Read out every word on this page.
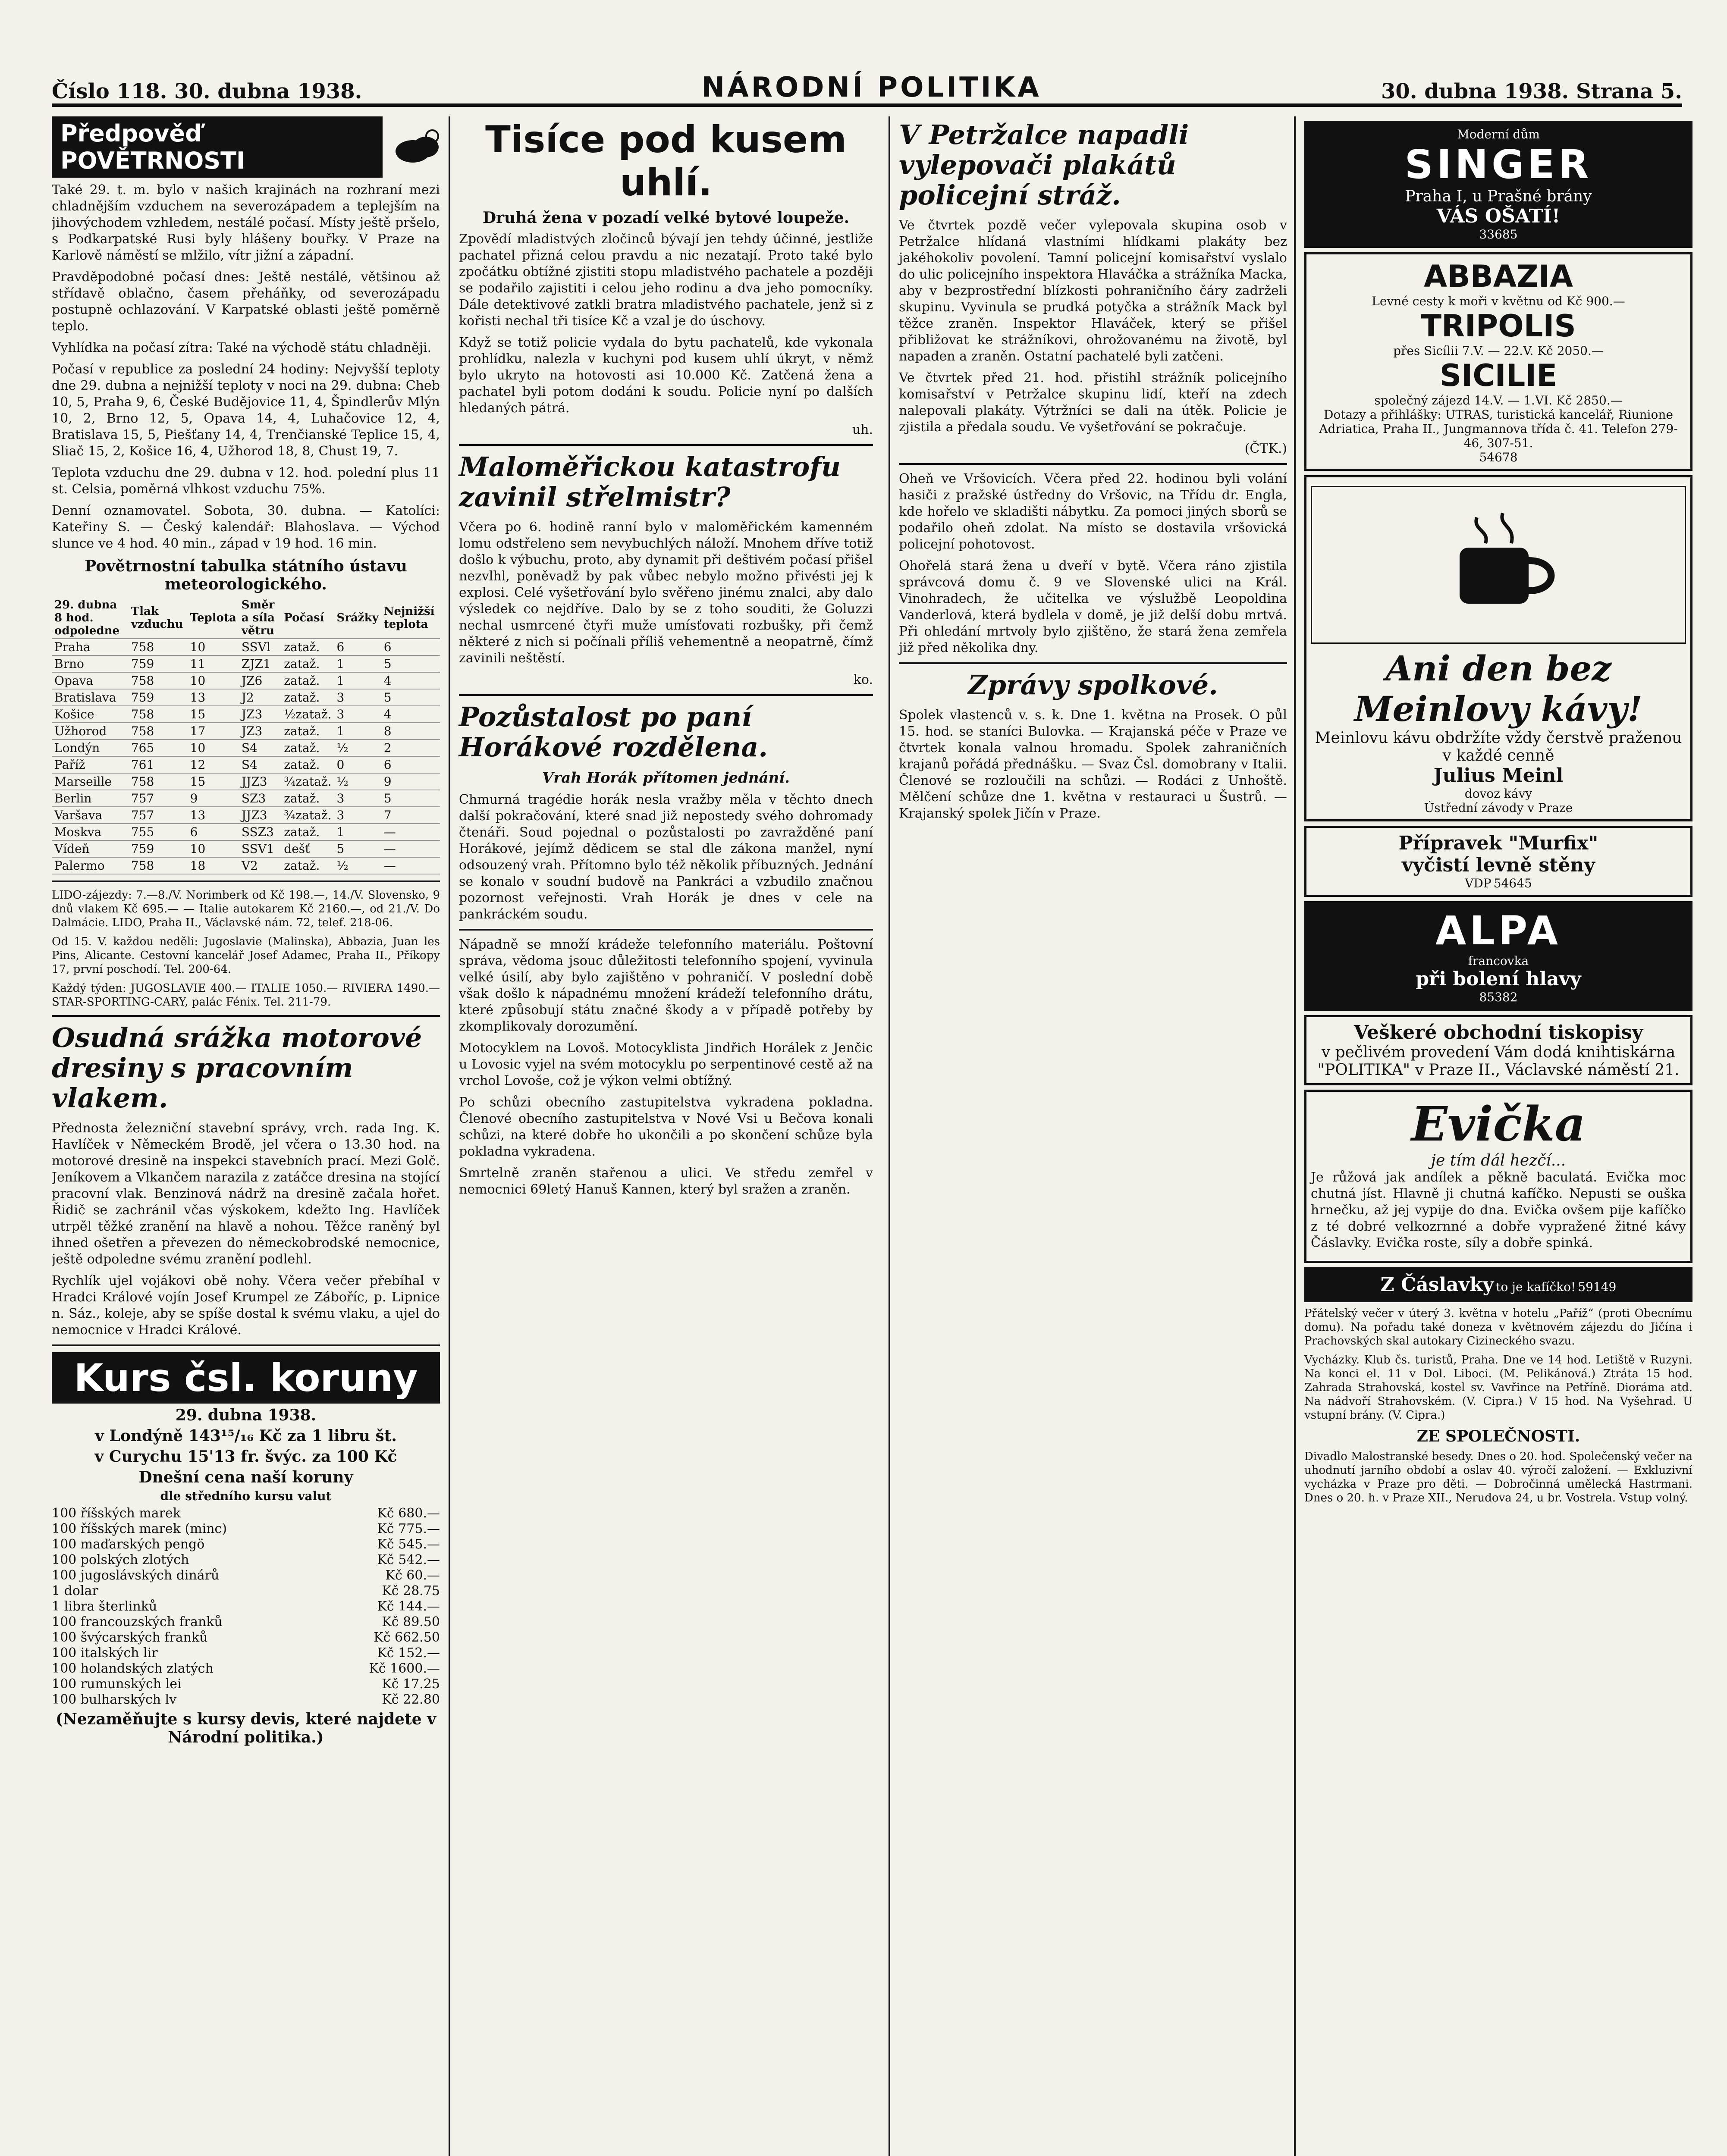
Číslo 118. 30. dubna 1938.	NÁRODNÍ POLITIKA	30. dubna 1938. Strana 5.
Předpověď POVĚTRNOSTI

Také 29. t. m. bylo v našich krajinách na rozhraní mezi chladnějším vzduchem na severozápadem a teplejším na jihovýchodem vzhledem, nestálé počasí. Místy ještě pršelo, s Podkarpatské Rusi byly hlášeny bouřky. V Praze na Karlově náměstí se mlžilo, vítr jižní a západní.

Pravděpodobné počasí dnes: Ještě nestálé, většinou až střídavě oblačno, časem přeháňky, od severozápadu postupně ochlazování. V Karpatské oblasti ještě poměrně teplo.

Vyhlídka na počasí zítra: Také na východě státu chladněji.

Počasí v republice za poslední 24 hodiny: Nejvyšší teploty dne 29. dubna a nejnižší teploty v noci na 29. dubna: Cheb 10, 5, Praha 9, 6, České Budějovice 11, 4, Špindlerův Mlýn 10, 2, Brno 12, 5, Opava 14, 4, Luhačovice 12, 4, Bratislava 15, 5, Piešťany 14, 4, Trenčianské Teplice 15, 4, Sliač 15, 2, Košice 16, 4, Užhorod 18, 8, Chust 19, 7.

Teplota vzduchu dne 29. dubna v 12. hod. polední plus 11 st. Celsia, poměrná vlhkost vzduchu 75%.

Denní oznamovatel. Sobota, 30. dubna. — Katolíci: Kateřiny S. — Český kalendář: Blahoslava. — Východ slunce ve 4 hod. 40 min., západ v 19 hod. 16 min.

Povětrnostní tabulka státního ústavu meteorologického.
29. dubna 8 hod. odpoledne	Tlak vzduchu	Teplota	Směr a síla větru	Počasí	Srážky	Nejnižší teplota
Praha	758	10	SSVl	zataž.	6	6
Brno	759	11	ZJZ1	zataž.	1	5
Opava	758	10	JZ6	zataž.	1	4
Bratislava	759	13	J2	zataž.	3	5
Košice	758	15	JZ3	½zataž.	3	4
Užhorod	758	17	JZ3	zataž.	1	8
Londýn	765	10	S4	zataž.	½	2
Paříž	761	12	S4	zataž.	0	6
Marseille	758	15	JJZ3	¾zataž.	½	9
Berlin	757	9	SZ3	zataž.	3	5
Varšava	757	13	JJZ3	¾zataž.	3	7
Moskva	755	6	SSZ3	zataž.	1	—
Vídeň	759	10	SSV1	dešť	5	—
Palermo	758	18	V2	zataž.	½	—

LIDO-zájezdy: 7.—8./V. Norimberk od Kč 198.—, 14./V. Slovensko, 9 dnů vlakem Kč 695.— — Italie autokarem Kč 2160.—, od 21./V. Do Dalmácie. LIDO, Praha II., Václavské nám. 72, telef. 218-06.

Od 15. V. každou neděli: Jugoslavie (Malinska), Abbazia, Juan les Pins, Alicante. Cestovní kancelář Josef Adamec, Praha II., Příkopy 17, první poschodí. Tel. 200-64.

Každý týden: JUGOSLAVIE 400.— ITALIE 1050.— RIVIERA 1490.— STAR-SPORTING-CARY, palác Fénix. Tel. 211-79.

Osudná srážka motorové dresiny s pracovním vlakem.

Přednosta železniční stavební správy, vrch. rada Ing. K. Havlíček v Německém Brodě, jel včera o 13.30 hod. na motorové dresině na inspekci stavebních prací. Mezi Golč. Jeníkovem a Vlkančem narazila z zatáčce dresina na stojící pracovní vlak. Benzinová nádrž na dresině začala hořet. Řidič se zachránil včas výskokem, kdežto Ing. Havlíček utrpěl těžké zranění na hlavě a nohou. Těžce raněný byl ihned ošetřen a převezen do německobrodské nemocnice, ještě odpoledne svému zranění podlehl.

Rychlík ujel vojákovi obě nohy. Včera večer přebíhal v Hradci Králové vojín Josef Krumpel ze Záboříc, p. Lipnice n. Sáz., koleje, aby se spíše dostal k svému vlaku, a ujel do nemocnice v Hradci Králové.

Kurs čsl. koruny
29. dubna 1938.
v Londýně 143¹⁵/₁₆ Kč za 1 libru št.
v Curychu 15'13 fr. švýc. za 100 Kč
Dnešní cena naší koruny
dle středního kursu valut
100 říšských marek	Kč 680.—
100 říšských marek (minc)	Kč 775.—
100 maďarských pengö	Kč 545.—
100 polských zlotých	Kč 542.—
100 jugoslávských dinárů	Kč 60.—
1 dolar	Kč 28.75
1 libra šterlinků	Kč 144.—
100 francouzských franků	Kč 89.50
100 švýcarských franků	Kč 662.50
100 italských lir	Kč 152.—
100 holandských zlatých	Kč 1600.—
100 rumunských lei	Kč 17.25
100 bulharských lv	Kč 22.80
(Nezaměňujte s kursy devis, které najdete v Národní politika.)
Tisíce pod kusem uhlí.
Druhá žena v pozadí velké bytové loupeže.

Zpovědí mladistvých zločinců bývají jen tehdy účinné, jestliže pachatel přizná celou pravdu a nic nezatají. Proto také bylo zpočátku obtížné zjistiti stopu mladistvého pachatele a později se podařilo zajistiti i celou jeho rodinu a dva jeho pomocníky. Dále detektivové zatkli bratra mladistvého pachatele, jenž si z kořisti nechal tři tisíce Kč a vzal je do úschovy.

Když se totiž policie vydala do bytu pachatelů, kde vykonala prohlídku, nalezla v kuchyni pod kusem uhlí úkryt, v němž bylo ukryto na hotovosti asi 10.000 Kč. Zatčená žena a pachatel byli potom dodáni k soudu. Policie nyní po dalších hledaných pátrá.

uh.

Maloměřickou katastrofu zavinil střelmistr?

Včera po 6. hodině ranní bylo v maloměřickém kamenném lomu odstřeleno sem nevybuchlých náloží. Mnohem dříve totiž došlo k výbuchu, proto, aby dynamit při deštivém počasí přišel nezvlhl, poněvadž by pak vůbec nebylo možno přivésti jej k explosi. Celé vyšetřování bylo svěřeno jinému znalci, aby dalo výsledek co nejdříve. Dalo by se z toho souditi, že Goluzzi nechal usmrcené čtyři muže umísťovati rozbušky, při čemž některé z nich si počínali příliš vehementně a neopatrně, čímž zavinili neštěstí.

ko.

Pozůstalost po paní Horákové rozdělena.
Vrah Horák přítomen jednání.

Chmurná tragédie horák nesla vražby měla v těchto dnech další pokračování, které snad již nepostedy svého dohromady čtenáři. Soud pojednal o pozůstalosti po zavražděné paní Horákové, jejímž dědicem se stal dle zákona manžel, nyní odsouzený vrah. Přítomno bylo též několik příbuzných. Jednání se konalo v soudní budově na Pankráci a vzbudilo značnou pozornost veřejnosti. Vrah Horák je dnes v cele na pankráckém soudu.

Nápadně se množí krádeže telefonního materiálu. Poštovní správa, vědoma jsouc důležitosti telefonního spojení, vyvinula velké úsilí, aby bylo zajištěno v pohraničí. V poslední době však došlo k nápadnému množení krádeží telefonního drátu, které způsobují státu značné škody a v případě potřeby by zkomplikovaly dorozumění.

Motocyklem na Lovoš. Motocyklista Jindřich Horálek z Jenčic u Lovosic vyjel na svém motocyklu po serpentinové cestě až na vrchol Lovoše, což je výkon velmi obtížný.

Po schůzi obecního zastupitelstva vykradena pokladna. Členové obecního zastupitelstva v Nové Vsi u Bečova konali schůzi, na které dobře ho ukončili a po skončení schůze byla pokladna vykradena.

Smrtelně zraněn stařenou a ulici. Ve středu zemřel v nemocnici 69letý Hanuš Kannen, který byl sražen a zraněn.

Moderní dům
SINGER
Praha I, u Prašné brány
VÁS OŠATÍ!
33685
ABBAZIA
Levné cesty k moři v květnu od Kč 900.—
TRIPOLIS
přes Sicílii 7.V. — 22.V. Kč 2050.—
SICILIE
společný zájezd 14.V. — 1.VI. Kč 2850.—
Dotazy a přihlášky: UTRAS, turistická kancelář, Riunione Adriatica, Praha II., Jungmannova třída č. 41. Telefon 279-46, 307-51.
54678
Ani den bez Meinlovy kávy!
Meinlovu kávu obdržíte vždy čerstvě praženou v každé cenně
Julius Meinl
dovoz kávy
Ústřední závody v Praze
Přípravek "Murfix"
vyčistí levně stěny
VDP 54645
ALPA
francovka
při bolení hlavy
85382
Veškeré obchodní tiskopisy
v pečlivém provedení Vám dodá knihtiskárna "POLITIKA" v Praze II., Václavské náměstí 21.
Evička
je tím dál hezčí...

Je růžová jak andílek a pěkně baculatá. Evička moc chutná jíst. Hlavně ji chutná kafíčko. Nepusti se ouška hrnečku, až jej vypije do dna. Evička ovšem pije kafíčko z té dobré velkozrnné a dobře vypražené žitné kávy Čáslavky. Evička roste, síly a dobře spinká.

Z Čáslavky to je kafíčko! 59149

Přátelský večer v úterý 3. května v hotelu „Paříž“ (proti Obecnímu domu). Na pořadu také doneza v květnovém zájezdu do Jičína i Prachovských skal autokary Cizineckého svazu.

Vycházky. Klub čs. turistů, Praha. Dne ve 14 hod. Letiště v Ruzyni. Na konci el. 11 v Dol. Liboci. (M. Pelikánová.) Ztráta 15 hod. Zahrada Strahovská, kostel sv. Vavřince na Petříně. Dioráma atd. Na nádvoří Strahovském. (V. Cipra.) V 15 hod. Na Vyšehrad. U vstupní brány. (V. Cipra.)

ZE SPOLEČNOSTI.

Divadlo Malostranské besedy. Dnes o 20. hod. Společenský večer na uhodnutí jarního období a oslav 40. výročí založení. — Exkluzivní vycházka v Praze pro děti. — Dobročinná umělecká Hastrmani. Dnes o 20. h. v Praze XII., Nerudova 24, u br. Vostrela. Vstup volný.

V Petržalce napadli vylepovači plakátů policejní stráž.

Ve čtvrtek pozdě večer vylepovala skupina osob v Petržalce hlídaná vlastními hlídkami plakáty bez jakéhokoliv povolení. Tamní policejní komisařství vyslalo do ulic policejního inspektora Hlaváčka a strážníka Macka, aby v bezprostřední blízkosti pohraničního čáry zadrželi skupinu. Vyvinula se prudká potyčka a strážník Mack byl těžce zraněn. Inspektor Hlaváček, který se přišel přibližovat ke strážníkovi, ohrožovanému na životě, byl napaden a zraněn. Ostatní pachatelé byli zatčeni.

Ve čtvrtek před 21. hod. přistihl strážník policejního komisařství v Petržalce skupinu lidí, kteří na zdech nalepovali plakáty. Výtržníci se dali na útěk. Policie je zjistila a předala soudu. Ve vyšetřování se pokračuje.

(ČTK.)

Oheň ve Vršovicích. Včera před 22. hodinou byli volání hasiči z pražské ústředny do Vršovic, na Třídu dr. Engla, kde hořelo ve skladišti nábytku. Za pomoci jiných sborů se podařilo oheň zdolat. Na místo se dostavila vršovická policejní pohotovost.

Ohořelá stará žena u dveří v bytě. Včera ráno zjistila správcová domu č. 9 ve Slovenské ulici na Král. Vinohradech, že učitelka ve výslužbě Leopoldina Vanderlová, která bydlela v domě, je již delší dobu mrtvá. Při ohledání mrtvoly bylo zjištěno, že stará žena zemřela již před několika dny.

Zprávy spolkové.

Spolek vlastenců v. s. k. Dne 1. května na Prosek. O půl 15. hod. se staníci Bulovka. — Krajanská péče v Praze ve čtvrtek konala valnou hromadu. Spolek zahraničních krajanů pořádá přednášku. — Svaz Čsl. domobrany v Italii. Členové se rozloučili na schůzi. — Rodáci z Unhoště. Mělčení schůze dne 1. května v restauraci u Šustrů. — Krajanský spolek Jičín v Praze.
